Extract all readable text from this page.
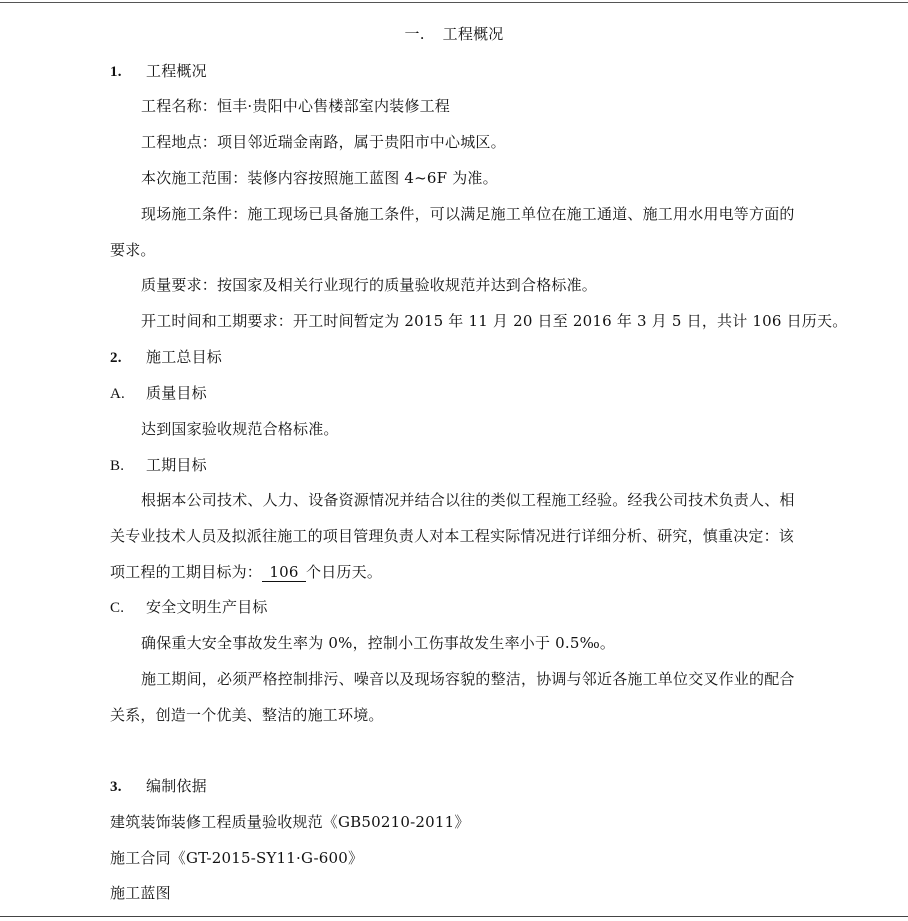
一. 工程概况
1. 工程概况
工程名称：恒丰·贵阳中心售楼部室内装修工程
工程地点：项目邻近瑞金南路，属于贵阳市中心城区。
本次施工范围：装修内容按照施工蓝图 4~6F 为准。
现场施工条件：施工现场已具备施工条件，可以满足施工单位在施工通道、施工用水用电等方面的
要求。
质量要求：按国家及相关行业现行的质量验收规范并达到合格标准。
开工时间和工期要求：开工时间暂定为 2015 年 11 月 20 日至 2016 年 3 月 5 日，共计 106 日历天。
2. 施工总目标
A. 质量目标
达到国家验收规范合格标准。
B. 工期目标
根据本公司技术、人力、设备资源情况并结合以往的类似工程施工经验。经我公司技术负责人、相
关专业技术人员及拟派往施工的项目管理负责人对本工程实际情况进行详细分析、研究，慎重决定：该
项工程的工期目标为： 106 个日历天。
C. 安全文明生产目标
确保重大安全事故发生率为 0%，控制小工伤事故发生率小于 0.5‰。
施工期间，必须严格控制排污、噪音以及现场容貌的整洁，协调与邻近各施工单位交叉作业的配合
关系，创造一个优美、整洁的施工环境。
3. 编制依据
建筑装饰装修工程质量验收规范《GB50210-2011》
施工合同《GT-2015-SY11·G-600》
施工蓝图
